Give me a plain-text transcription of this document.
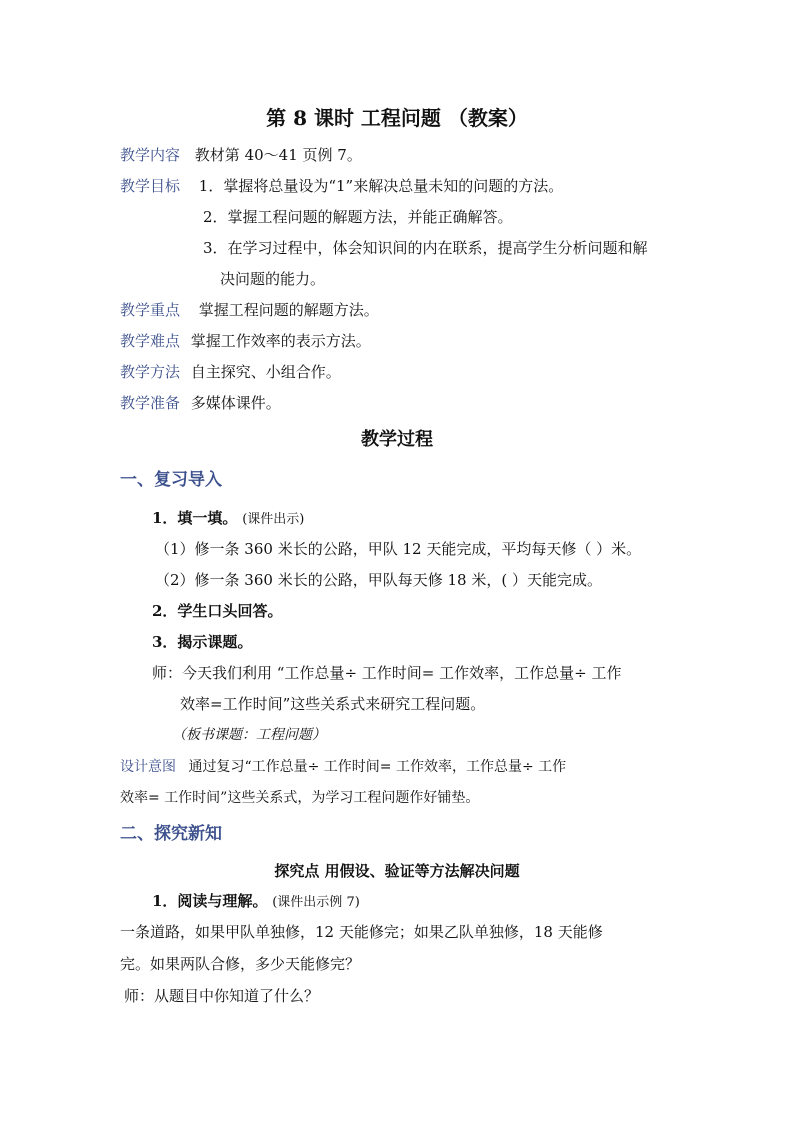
第 8 课时 工程问题 （教案）
教学内容 教材第 40～41 页例 7。
教学目标 1．掌握将总量设为“1”来解决总量未知的问题的方法。
2．掌握工程问题的解题方法，并能正确解答。
3．在学习过程中，体会知识间的内在联系，提高学生分析问题和解
决问题的能力。
教学重点 掌握工程问题的解题方法。
教学难点 掌握工作效率的表示方法。
教学方法 自主探究、小组合作。
教学准备 多媒体课件。
教学过程
一、复习导入
1．填一填。 (课件出示)
（1）修一条 360 米长的公路，甲队 12 天能完成，平均每天修（ ）米。
（2）修一条 360 米长的公路，甲队每天修 18 米，( ）天能完成。
2．学生口头回答。
3．揭示课题。
师：今天我们利用 “工作总量÷ 工作时间= 工作效率，工作总量÷ 工作
效率=工作时间”这些关系式来研究工程问题。
（板书课题：工程问题）
设计意图 通过复习“工作总量÷ 工作时间= 工作效率，工作总量÷ 工作
效率= 工作时间”这些关系式，为学习工程问题作好铺垫。
二、探究新知
探究点 用假设、验证等方法解决问题
1．阅读与理解。 (课件出示例 7)
一条道路，如果甲队单独修，12 天能修完；如果乙队单独修，18 天能修
完。如果两队合修，多少天能修完？
师：从题目中你知道了什么？
